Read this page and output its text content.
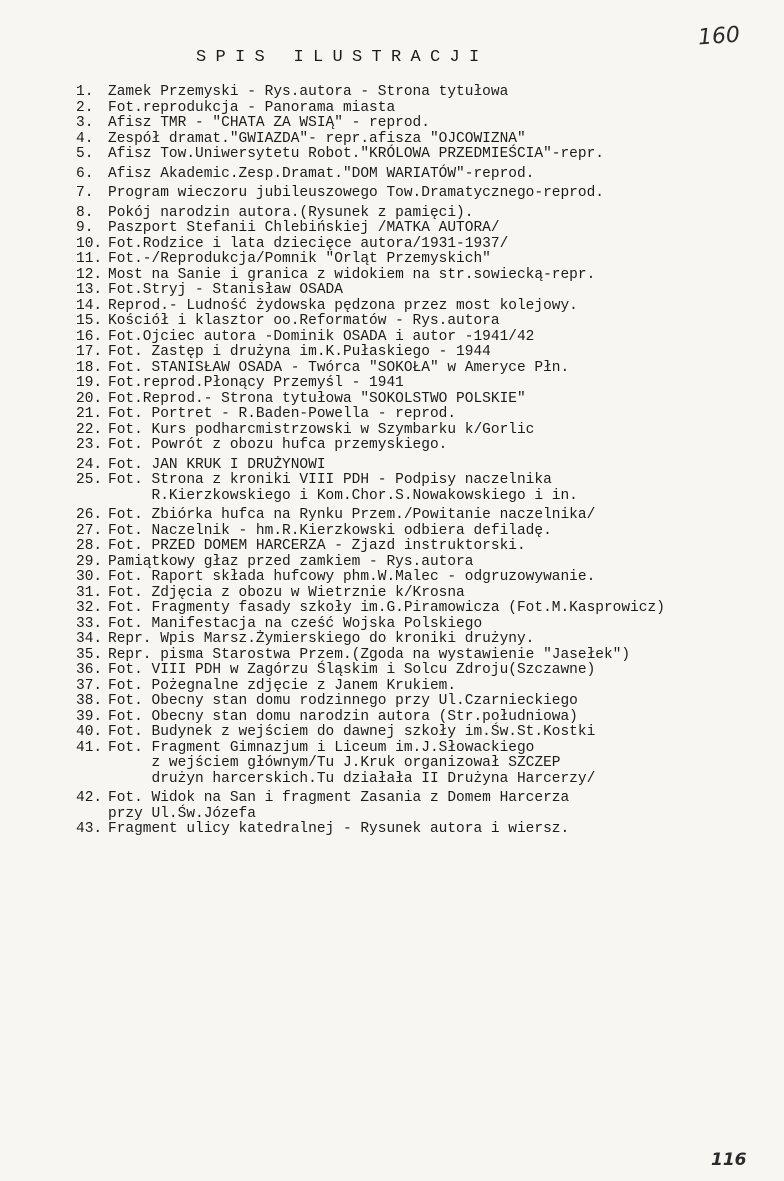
160
SPIS ILUSTRACJI
1.	Zamek Przemyski - Rys.autora - Strona tytułowa
2.	Fot.reprodukcja - Panorama miasta
3.	Afisz TMR - "CHATA ZA WSIĄ" - reprod.
4.	Zespół dramat."GWIAZDA"- repr.afisza "OJCOWIZNA"
5.	Afisz Tow.Uniwersytetu Robot."KRÓLOWA PRZEDMIEŚCIA"-repr.
6.	Afisz Akademic.Zesp.Dramat."DOM WARIATÓW"-reprod.
7.	Program wieczoru jubileuszowego Tow.Dramatycznego-reprod.
8.	Pokój narodzin autora.(Rysunek z pamięci).
9.	Paszport Stefanii Chlebińskiej /MATKA AUTORA/
10. Fot.Rodzice i lata dziecięce autora/1931-1937/
11. Fot.-/Reprodukcja/Pomnik "Orląt Przemyskich"
12. Most na Sanie i granica z widokiem na str.sowiecką-repr.
13. Fot.Stryj - Stanisław OSADA
14. Reprod.- Ludność żydowska pędzona przez most kolejowy.
15. Kościół i klasztor oo.Reformatów - Rys.autora
16. Fot.Ojciec autora -Dominik OSADA i autor -1941/42
17. Fot. Zastęp i drużyna im.K.Pułaskiego - 1944
18. Fot. STANISŁAW OSADA - Twórca "SOKOŁA" w Ameryce Płn.
19. Fot.reprod.Płonący Przemyśl - 1941
20. Fot.Reprod.- Strona tytułowa "SOKOLSTWO POLSKIE"
21. Fot. Portret - R.Baden-Powella - reprod.
22. Fot. Kurs podharcmistrzowski w Szymbarku k/Gorlic
23. Fot. Powrót z obozu hufca przemyskiego.
24. Fot. JAN KRUK I DRUŻYNOWI
25. Fot. Strona z kroniki VIII PDH - Podpisy naczelnika
R.Kierzkowskiego i Kom.Chor.S.Nowakowskiego i in.
26. Fot. Zbiórka hufca na Rynku Przem./Powitanie naczelnika/
27. Fot. Naczelnik - hm.R.Kierzkowski odbiera defiladę.
28. Fot. PRZED DOMEM HARCERZA - Zjazd instruktorski.
29. Pamiątkowy głaz przed zamkiem - Rys.autora
30. Fot. Raport składa hufcowy phm.W.Malec - odgruzowywanie.
31. Fot. Zdjęcia z obozu w Wietrznie k/Krosna
32. Fot. Fragmenty fasady szkoły im.G.Piramowicza (Fot.M.Kasprowicz)
33. Fot. Manifestacja na cześć Wojska Polskiego
34. Repr. Wpis Marsz.Żymierskiego do kroniki drużyny.
35. Repr. pisma Starostwa Przem.(Zgoda na wystawienie "Jasełek")
36. Fot. VIII PDH w Zagórzu Śląskim i Solcu Zdroju(Szczawne)
37. Fot. Pożegnalne zdjęcie z Janem Krukiem.
38. Fot. Obecny stan domu rodzinnego przy Ul.Czarnieckiego
39. Fot. Obecny stan domu narodzin autora (Str.południowa)
40. Fot. Budynek z wejściem do dawnej szkoły im.Św.St.Kostki
41. Fot. Fragment Gimnazjum i Liceum im.J.Słowackiego
z wejściem głównym/Tu J.Kruk organizował SZCZEP
drużyn harcerskich.Tu działała II Drużyna Harcerzy/
42. Fot. Widok na San i fragment Zasania z Domem Harcerza
przy Ul.Św.Józefa
43. Fragment ulicy katedralnej - Rysunek autora i wiersz.
116
